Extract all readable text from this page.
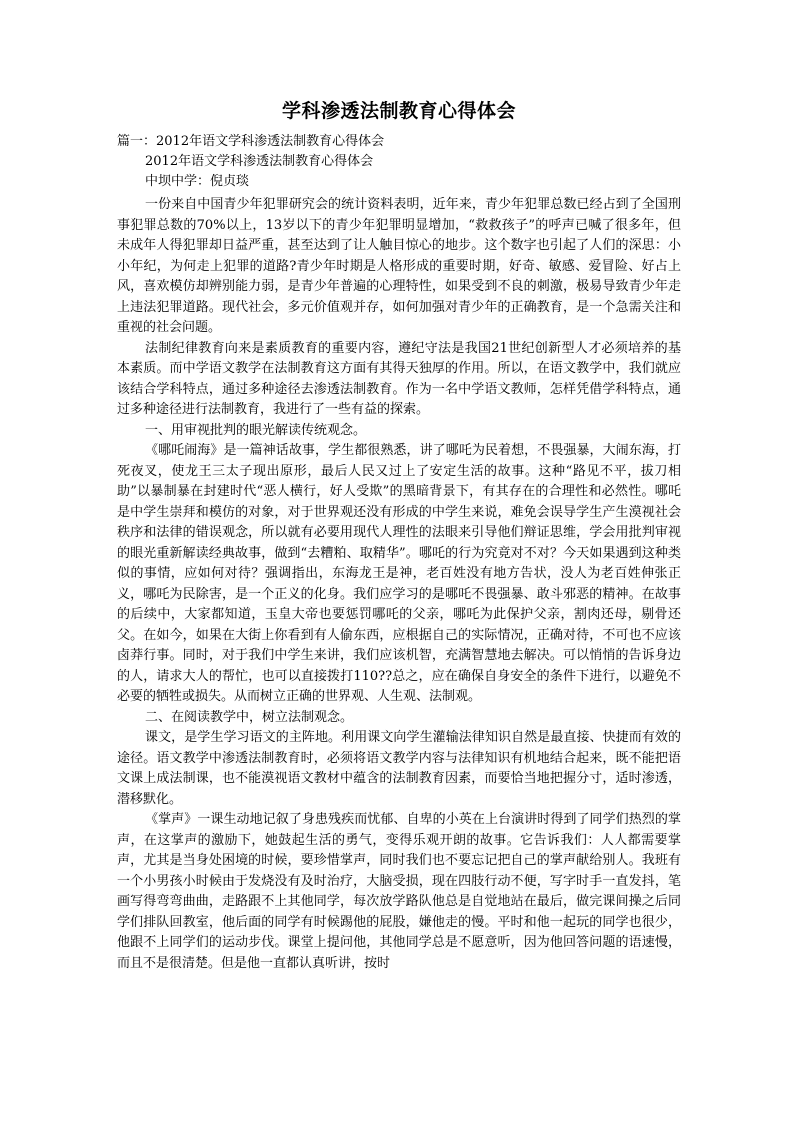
学科渗透法制教育心得体会
篇一：2012年语文学科渗透法制教育心得体会
2012年语文学科渗透法制教育心得体会
中坝中学：倪贞琰

一份来自中国青少年犯罪研究会的统计资料表明，近年来，青少年犯罪总数已经占到了全国刑事犯罪总数的70%以上，13岁以下的青少年犯罪明显增加，“救救孩子”的呼声已喊了很多年，但未成年人得犯罪却日益严重，甚至达到了让人触目惊心的地步。这个数字也引起了人们的深思：小小年纪，为何走上犯罪的道路?青少年时期是人格形成的重要时期，好奇、敏感、爱冒险、好占上风，喜欢模仿却辨别能力弱，是青少年普遍的心理特性，如果受到不良的刺激，极易导致青少年走上违法犯罪道路。现代社会，多元价值观并存，如何加强对青少年的正确教育，是一个急需关注和重视的社会问题。

法制纪律教育向来是素质教育的重要内容，遵纪守法是我国21世纪创新型人才必须培养的基本素质。而中学语文教学在法制教育这方面有其得天独厚的作用。所以，在语文教学中，我们就应该结合学科特点，通过多种途径去渗透法制教育。作为一名中学语文教师，怎样凭借学科特点，通过多种途径进行法制教育，我进行了一些有益的探索。

一、用审视批判的眼光解读传统观念。

《哪吒闹海》是一篇神话故事，学生都很熟悉，讲了哪吒为民着想，不畏强暴，大闹东海，打死夜叉，使龙王三太子现出原形，最后人民又过上了安定生活的故事。这种“路见不平，拔刀相助”以暴制暴在封建时代“恶人横行，好人受欺”的黑暗背景下，有其存在的合理性和必然性。哪吒是中学生崇拜和模仿的对象，对于世界观还没有形成的中学生来说，难免会误导学生产生漠视社会秩序和法律的错误观念，所以就有必要用现代人理性的法眼来引导他们辩证思维，学会用批判审视的眼光重新解读经典故事，做到“去糟粕、取精华”。哪吒的行为究竟对不对？今天如果遇到这种类似的事情，应如何对待？强调指出，东海龙王是神，老百姓没有地方告状，没人为老百姓伸张正义，哪吒为民除害，是一个正义的化身。我们应学习的是哪吒不畏强暴、敢斗邪恶的精神。在故事的后续中，大家都知道，玉皇大帝也要惩罚哪吒的父亲，哪吒为此保护父亲，割肉还母，剔骨还父。在如今，如果在大街上你看到有人偷东西，应根据自己的实际情况，正确对待，不可也不应该卤莽行事。同时，对于我们中学生来讲，我们应该机智，充满智慧地去解决。可以悄悄的告诉身边的人，请求大人的帮忙，也可以直接拨打110??总之，应在确保自身安全的条件下进行，以避免不必要的牺牲或损失。从而树立正确的世界观、人生观、法制观。

二、在阅读教学中，树立法制观念。

课文，是学生学习语文的主阵地。利用课文向学生灌输法律知识自然是最直接、快捷而有效的途径。语文教学中渗透法制教育时，必须将语文教学内容与法律知识有机地结合起来，既不能把语文课上成法制课，也不能漠视语文教材中蕴含的法制教育因素，而要恰当地把握分寸，适时渗透，潜移默化。

《掌声》一课生动地记叙了身患残疾而忧郁、自卑的小英在上台演讲时得到了同学们热烈的掌声，在这掌声的激励下，她鼓起生活的勇气，变得乐观开朗的故事。它告诉我们：人人都需要掌声，尤其是当身处困境的时候，要珍惜掌声，同时我们也不要忘记把自己的掌声献给别人。我班有一个小男孩小时候由于发烧没有及时治疗，大脑受损，现在四肢行动不便，写字时手一直发抖，笔画写得弯弯曲曲，走路跟不上其他同学，每次放学路队他总是自觉地站在最后，做完课间操之后同学们排队回教室，他后面的同学有时候踢他的屁股，嫌他走的慢。平时和他一起玩的同学也很少，他跟不上同学们的运动步伐。课堂上提问他，其他同学总是不愿意听，因为他回答问题的语速慢，而且不是很清楚。但是他一直都认真听讲，按时
